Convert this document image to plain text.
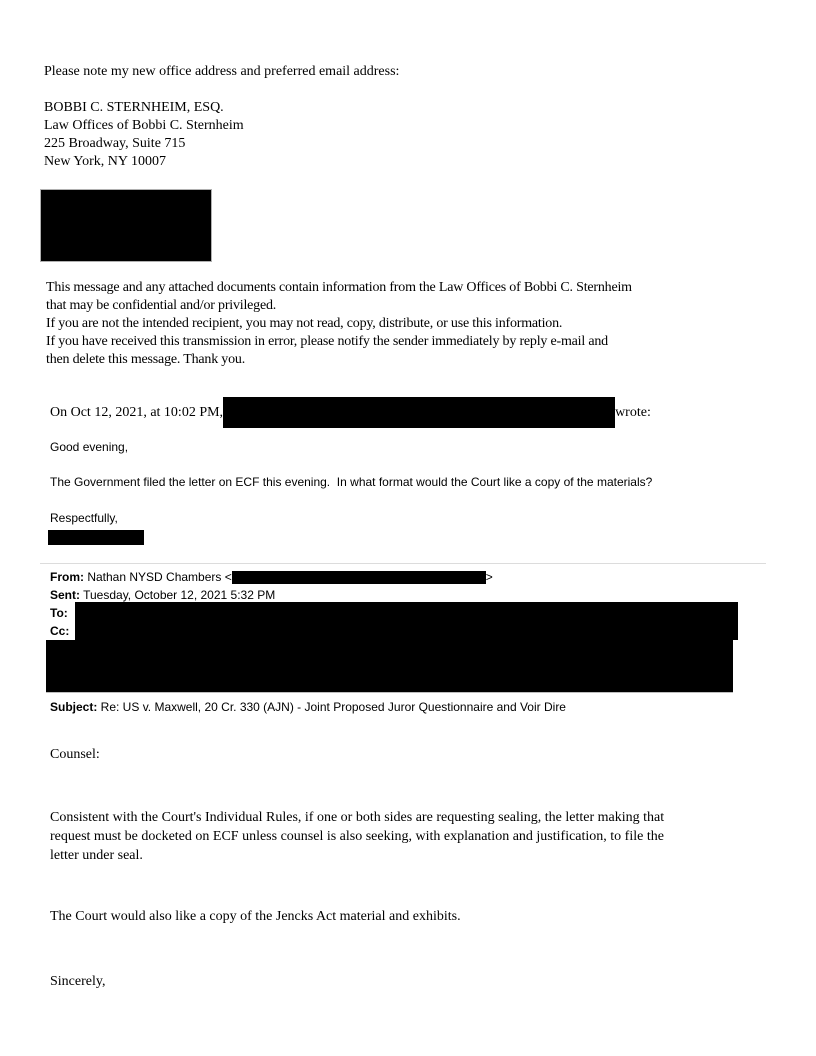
Please note my new office address and preferred email address:
BOBBI C. STERNHEIM, ESQ.
Law Offices of Bobbi C. Sternheim
225 Broadway, Suite 715
New York, NY 10007
This message and any attached documents contain information from the Law Offices of Bobbi C. Sternheim
that may be confidential and/or privileged.
If you are not the intended recipient, you may not read, copy, distribute, or use this information.
If you have received this transmission in error, please notify the sender immediately by reply e-mail and
then delete this message. Thank you.
On Oct 12, 2021, at 10:02 PM,	wrote:
Good evening,
The Government filed the letter on ECF this evening.  In what format would the Court like a copy of the materials?
Respectfully,
From: Nathan NYSD Chambers <	>
Sent: Tuesday, October 12, 2021 5:32 PM
To:
Cc:
Subject: Re: US v. Maxwell, 20 Cr. 330 (AJN) - Joint Proposed Juror Questionnaire and Voir Dire
Counsel:
Consistent with the Court's Individual Rules, if one or both sides are requesting sealing, the letter making that
request must be docketed on ECF unless counsel is also seeking, with explanation and justification, to file the
letter under seal.
The Court would also like a copy of the Jencks Act material and exhibits.
Sincerely,
